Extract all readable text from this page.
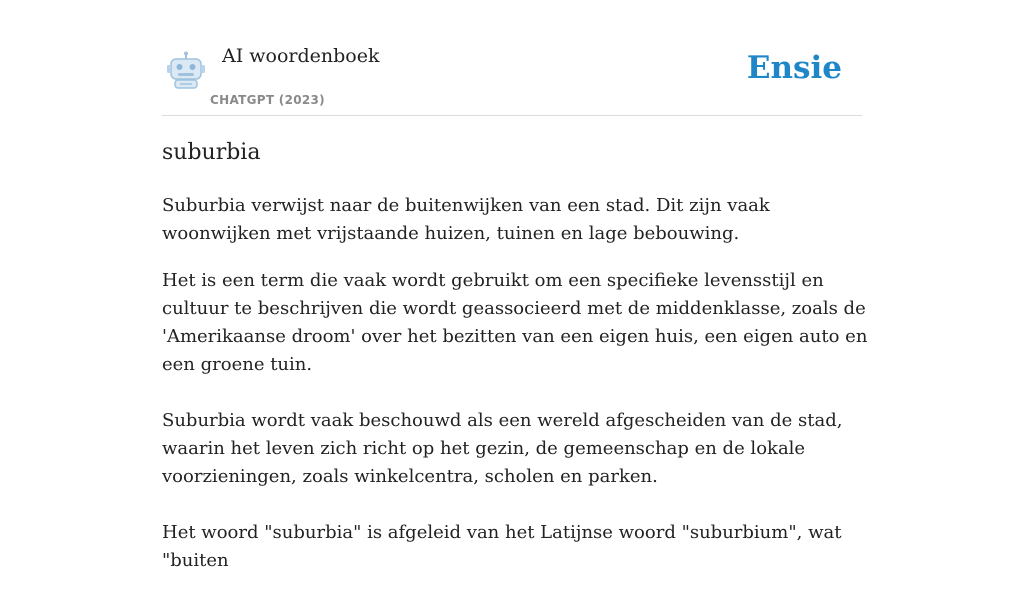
AI woordenboek
CHATGPT (2023)
Ensie
suburbia

Suburbia verwijst naar de buitenwijken van een stad. Dit zijn vaak woonwijken met vrijstaande huizen, tuinen en lage bebouwing.

Het is een term die vaak wordt gebruikt om een specifieke levensstijl en cultuur te beschrijven die wordt geassocieerd met de middenklasse, zoals de 'Amerikaanse droom' over het bezitten van een eigen huis, een eigen auto en een groene tuin.

Suburbia wordt vaak beschouwd als een wereld afgescheiden van de stad, waarin het leven zich richt op het gezin, de gemeenschap en de lokale voorzieningen, zoals winkelcentra, scholen en parken.

Het woord "suburbia" is afgeleid van het Latijnse woord "suburbium", wat "buiten
